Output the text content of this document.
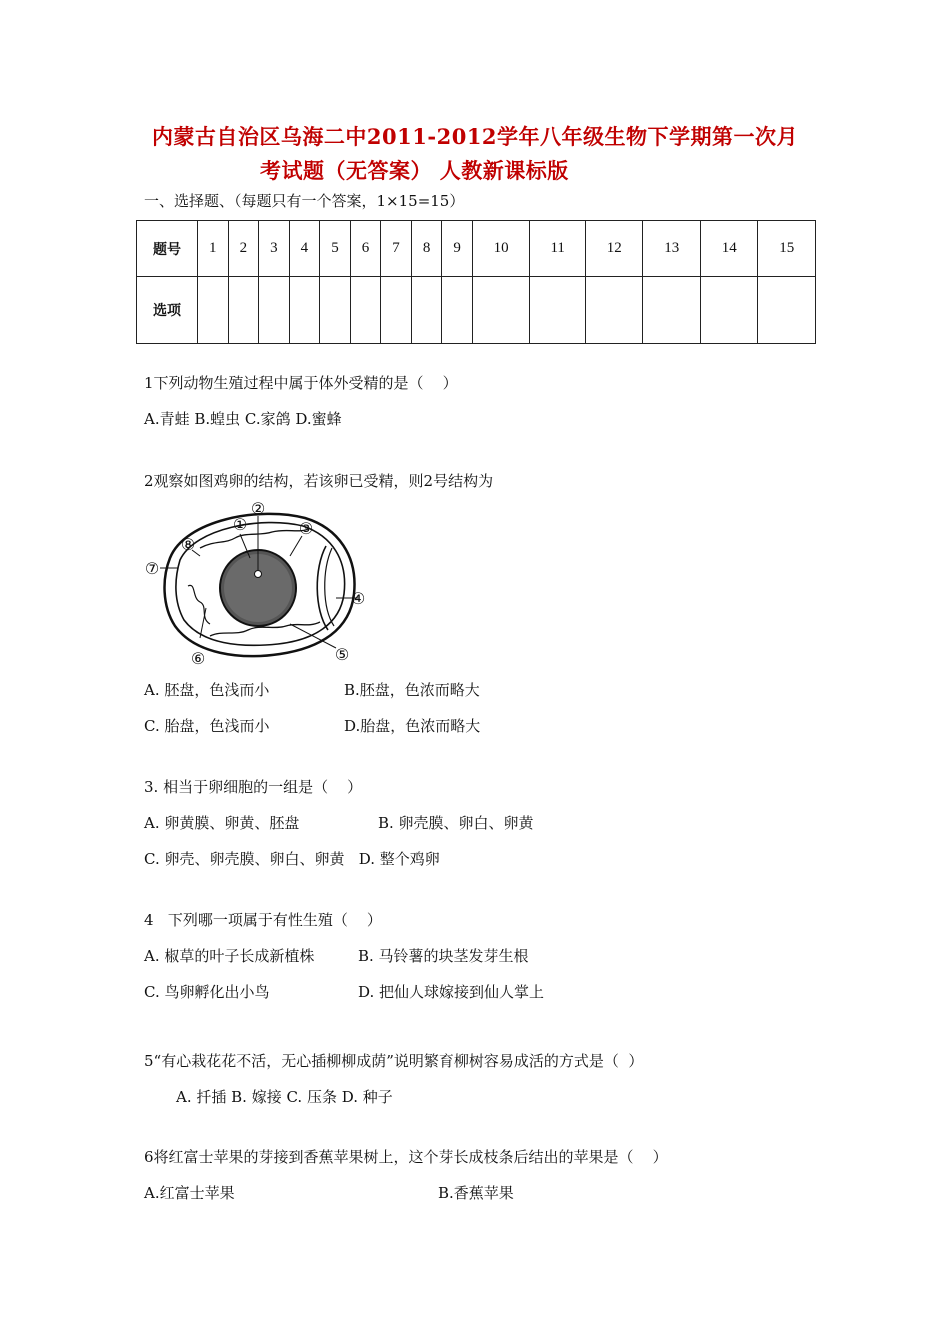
内蒙古自治区乌海二中2011-2012学年八年级生物下学期第一次月
考试题（无答案） 人教新课标版
一、选择题、（每题只有一个答案，1×15=15）
题号	1	2	3	4	5	6	7	8	9	10	11	12	13	14	15
选项															
1下列动物生殖过程中属于体外受精的是（    ）
A.青蛙 B.蝗虫 C.家鸽 D.蜜蜂
2观察如图鸡卵的结构，若该卵已受精，则2号结构为
①
②
③
④
⑤
⑥
⑦
⑧
A. 胚盘，色浅而小	B.胚盘，色浓而略大
C. 胎盘，色浅而小	D.胎盘，色浓而略大
3. 相当于卵细胞的一组是（    ）
A. 卵黄膜、卵黄、胚盘	B. 卵壳膜、卵白、卵黄
C. 卵壳、卵壳膜、卵白、卵黄   D. 整个鸡卵
4   下列哪一项属于有性生殖（    ）
A. 椒草的叶子长成新植株	B. 马铃薯的块茎发芽生根
C. 鸟卵孵化出小鸟	D. 把仙人球嫁接到仙人掌上
5“有心栽花花不活，无心插柳柳成荫”说明繁育柳树容易成活的方式是（  ）
A. 扦插 B. 嫁接 C. 压条 D. 种子
6将红富士苹果的芽接到香蕉苹果树上，这个芽长成枝条后结出的苹果是（    ）
A.红富士苹果	B.香蕉苹果
